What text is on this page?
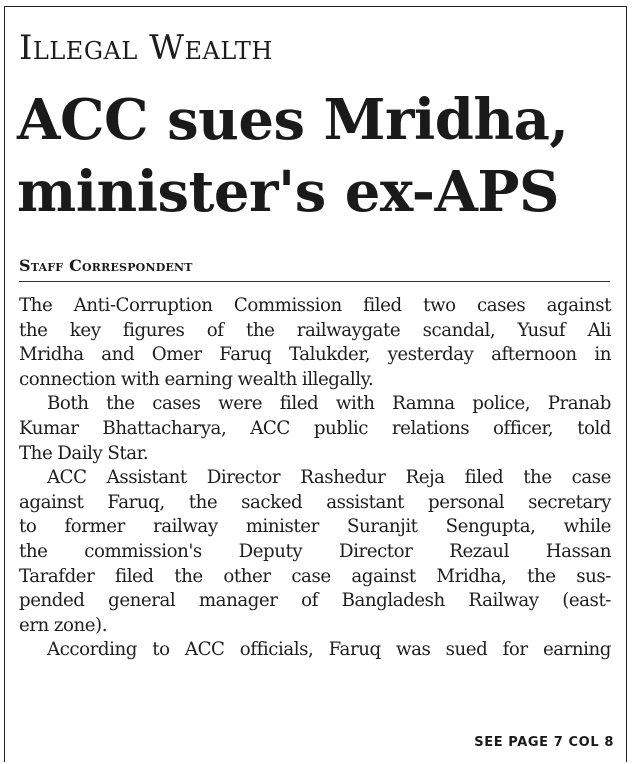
Illegal Wealth
ACC sues Mridha,
minister's ex-APS
Staff Correspondent
The Anti-Corruption Commission filed two cases against
the key figures of the railwaygate scandal, Yusuf Ali
Mridha and Omer Faruq Talukder, yesterday afternoon in
connection with earning wealth illegally.
Both the cases were filed with Ramna police, Pranab
Kumar Bhattacharya, ACC public relations officer, told
The Daily Star.
ACC Assistant Director Rashedur Reja filed the case
against Faruq, the sacked assistant personal secretary
to former railway minister Suranjit Sengupta, while
the commission's Deputy Director Rezaul Hassan
Tarafder filed the other case against Mridha, the sus-
pended general manager of Bangladesh Railway (east-
ern zone).
According to ACC officials, Faruq was sued for earning
SEE PAGE 7 COL 8
